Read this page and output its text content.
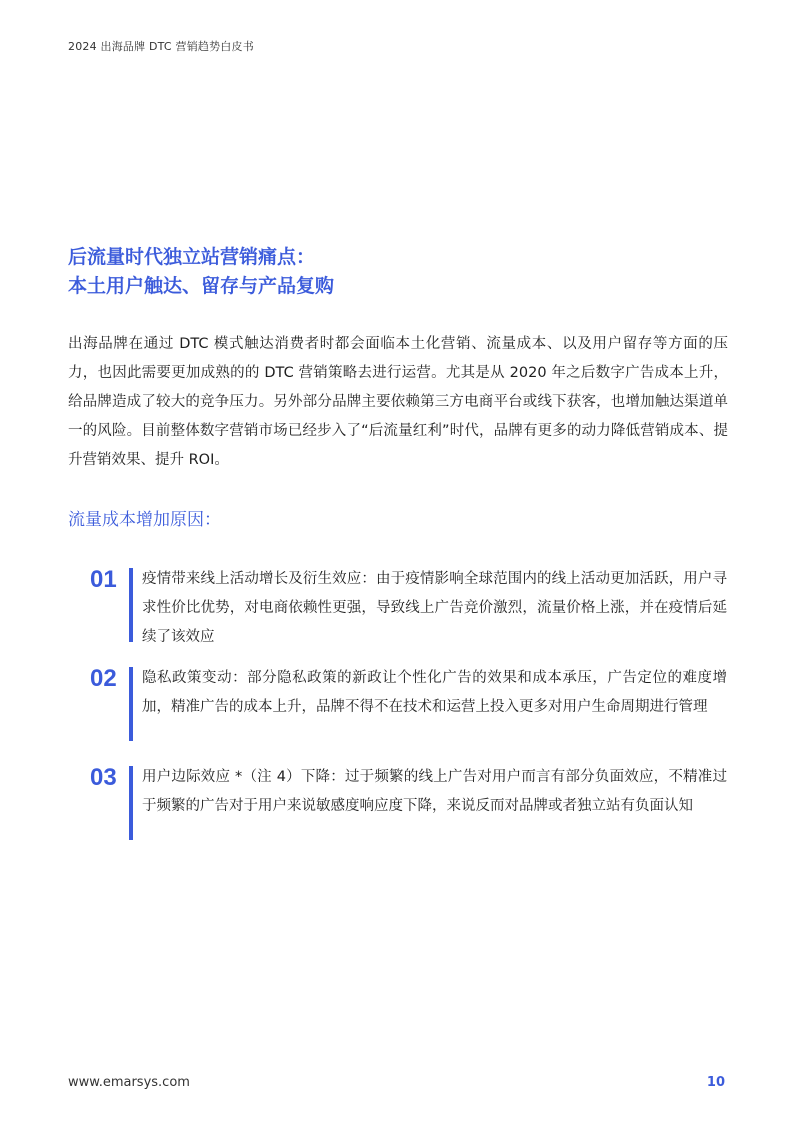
2024 出海品牌 DTC 营销趋势白皮书
后流量时代独立站营销痛点：
本土用户触达、留存与产品复购
出海品牌在通过 DTC 模式触达消费者时都会面临本土化营销、流量成本、以及用户留存等方面的压力，也因此需要更加成熟的的 DTC 营销策略去进行运营。尤其是从 2020 年之后数字广告成本上升，给品牌造成了较大的竞争压力。另外部分品牌主要依赖第三方电商平台或线下获客，也增加触达渠道单一的风险。目前整体数字营销市场已经步入了“后流量红利”时代，品牌有更多的动力降低营销成本、提升营销效果、提升 ROI。
流量成本增加原因：
01 疫情带来线上活动增长及衍生效应：由于疫情影响全球范围内的线上活动更加活跃，用户寻求性价比优势，对电商依赖性更强，导致线上广告竞价激烈，流量价格上涨，并在疫情后延续了该效应
02 隐私政策变动：部分隐私政策的新政让个性化广告的效果和成本承压，广告定位的难度增加，精准广告的成本上升，品牌不得不在技术和运营上投入更多对用户生命周期进行管理
03 用户边际效应 *（注 4）下降：过于频繁的线上广告对用户而言有部分负面效应，不精准过于频繁的广告对于用户来说敏感度响应度下降，来说反而对品牌或者独立站有负面认知
www.emarsys.com	10
